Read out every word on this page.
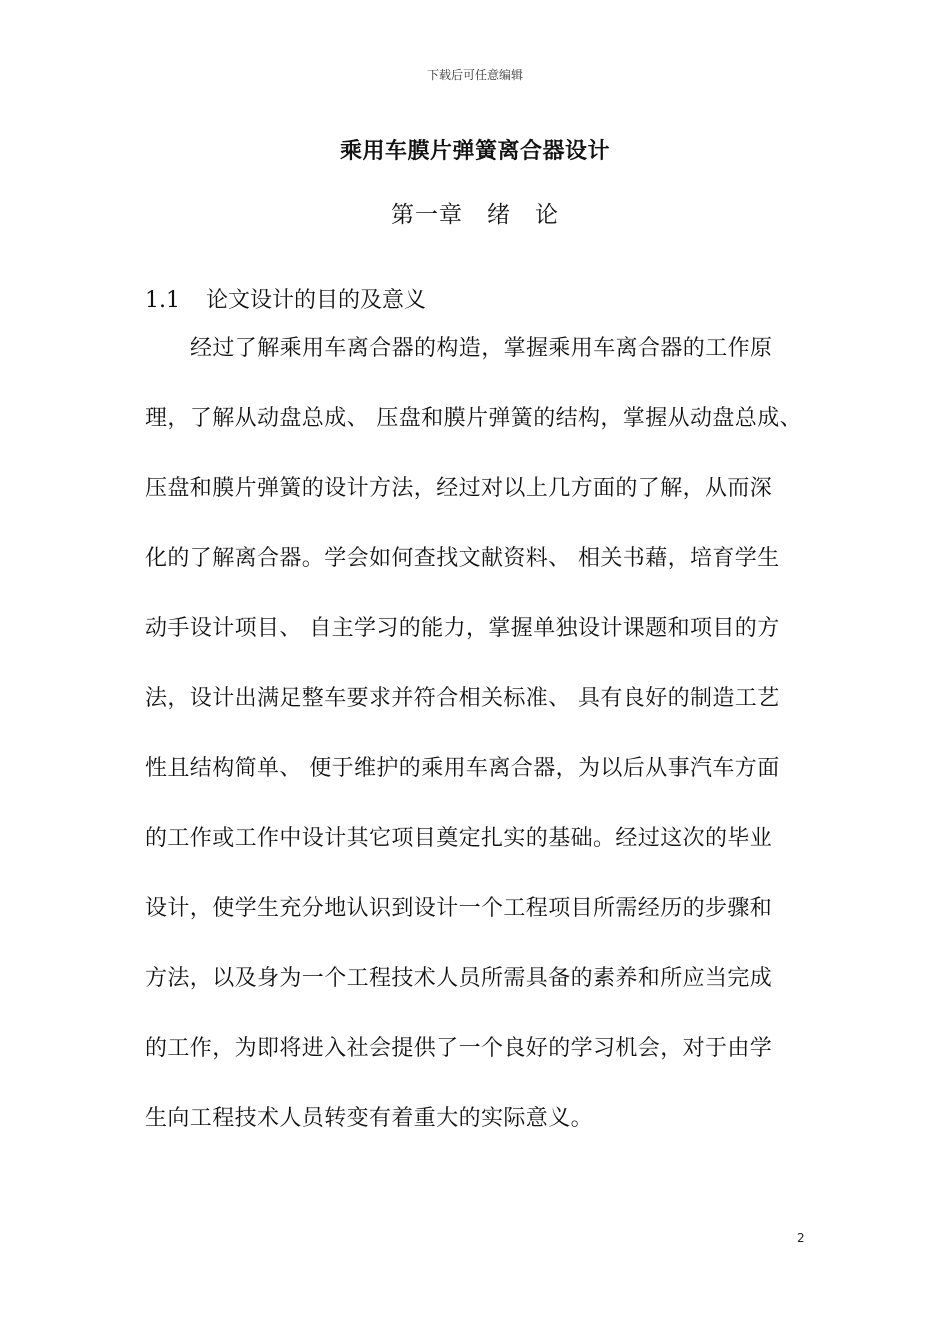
下载后可任意编辑
乘用车膜片弹簧离合器设计
第一章　绪　论
1.1 论文设计的目的及意义
经过了解乘用车离合器的构造，掌握乘用车离合器的工作原
理，了解从动盘总成、 压盘和膜片弹簧的结构，掌握从动盘总成、
压盘和膜片弹簧的设计方法，经过对以上几方面的了解，从而深
化的了解离合器。学会如何查找文献资料、 相关书藉，培育学生
动手设计项目、 自主学习的能力，掌握单独设计课题和项目的方
法，设计出满足整车要求并符合相关标准、 具有良好的制造工艺
性且结构简单、 便于维护的乘用车离合器，为以后从事汽车方面
的工作或工作中设计其它项目奠定扎实的基础。经过这次的毕业
设计，使学生充分地认识到设计一个工程项目所需经历的步骤和
方法，以及身为一个工程技术人员所需具备的素养和所应当完成
的工作，为即将进入社会提供了一个良好的学习机会，对于由学
生向工程技术人员转变有着重大的实际意义。
2
